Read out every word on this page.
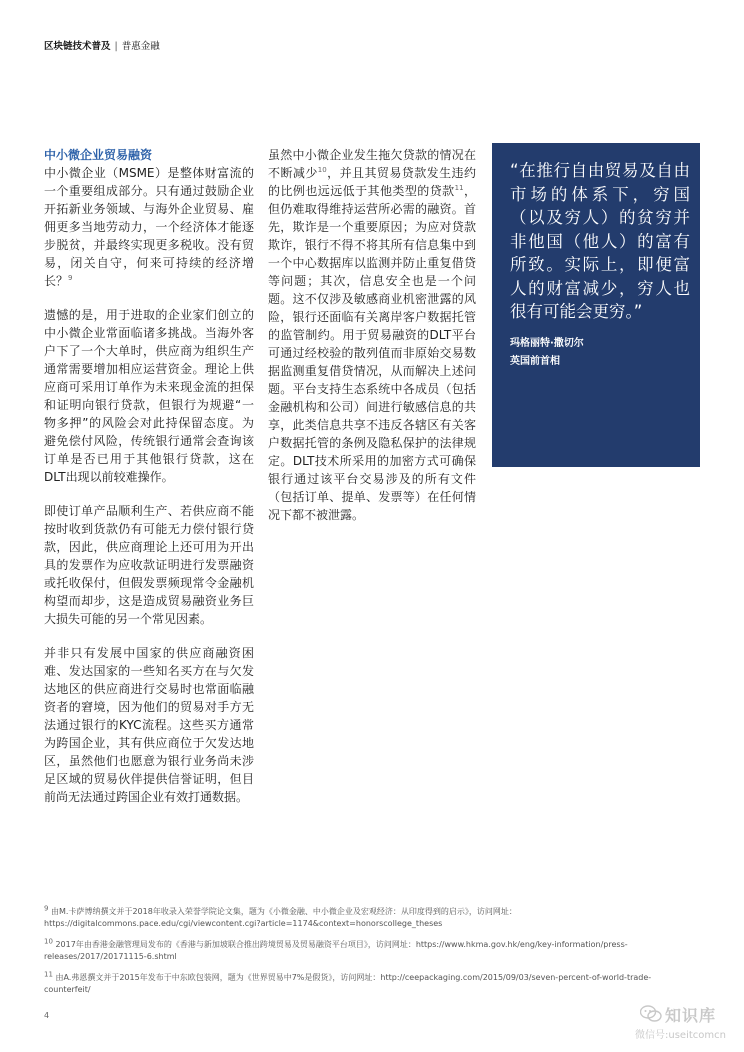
区块链技术普及 | 普惠金融
中小微企业贸易融资

中小微企业（MSME）是整体财富流的一个重要组成部分。只有通过鼓励企业开拓新业务领域、与海外企业贸易、雇佣更多当地劳动力，一个经济体才能逐步脱贫，并最终实现更多税收。没有贸易，闭关自守，何来可持续的经济增长？$^9$

遗憾的是，用于进取的企业家们创立的中小微企业常面临诸多挑战。当海外客户下了一个大单时，供应商为组织生产通常需要增加相应运营资金。理论上供应商可采用订单作为未来现金流的担保和证明向银行贷款，但银行为规避“一物多押”的风险会对此持保留态度。为避免偿付风险，传统银行通常会查询该订单是否已用于其他银行贷款，这在DLT出现以前较难操作。

即使订单产品顺利生产、若供应商不能按时收到货款仍有可能无力偿付银行贷款，因此，供应商理论上还可用为开出具的发票作为应收款证明进行发票融资或托收保付，但假发票频现常令金融机构望而却步，这是造成贸易融资业务巨大损失可能的另一个常见因素。

并非只有发展中国家的供应商融资困难、发达国家的一些知名买方在与欠发达地区的供应商进行交易时也常面临融资者的窘境，因为他们的贸易对手方无法通过银行的KYC流程。这些买方通常为跨国企业，其有供应商位于欠发达地区，虽然他们也愿意为银行业务尚未涉足区域的贸易伙伴提供信誉证明，但目前尚无法通过跨国企业有效打通数据。

虽然中小微企业发生拖欠贷款的情况在不断减少$^{10}$，并且其贸易贷款发生违约的比例也远远低于其他类型的贷款$^{11}$，但仍难取得维持运营所必需的融资。首先，欺诈是一个重要原因；为应对贷款欺诈，银行不得不将其所有信息集中到一个中心数据库以监测并防止重复借贷等问题；其次，信息安全也是一个问题。这不仅涉及敏感商业机密泄露的风险，银行还面临有关离岸客户数据托管的监管制约。用于贸易融资的DLT平台可通过经校验的散列值而非原始交易数据监测重复借贷情况，从而解决上述问题。平台支持生态系统中各成员（包括金融机构和公司）间进行敏感信息的共享，此类信息共享不违反各辖区有关客户数据托管的条例及隐私保护的法律规定。DLT技术所采用的加密方式可确保银行通过该平台交易涉及的所有文件（包括订单、提单、发票等）在任何情况下都不被泄露。

“在推行自由贸易及自由市场的体系下，穷国（以及穷人）的贫穷并非他国（他人）的富有所致。实际上，即便富人的财富减少，穷人也很有可能会更穷。”
玛格丽特·撒切尔
英国前首相
$^9$ 由M.卡萨博纳撰文并于2018年收录入荣誉学院论文集，题为《小微金融、中小微企业及宏观经济：从印度得到的启示》，访问网址：https://digitalcommons.pace.edu/cgi/viewcontent.cgi?article=1174&context=honorscollege_theses
$^{10}$ 2017年由香港金融管理局发布的《香港与新加坡联合推出跨境贸易及贸易融资平台项目》，访问网址：https://www.hkma.gov.hk/eng/key-information/press-releases/2017/20171115-6.shtml
$^{11}$ 由A.弗恩撰文并于2015年发布于中东欧包装网，题为《世界贸易中7%是假货》，访问网址：http://ceepackaging.com/2015/09/03/seven-percent-of-world-trade-counterfeit/
4	知识库
微信号:useitcomcn
